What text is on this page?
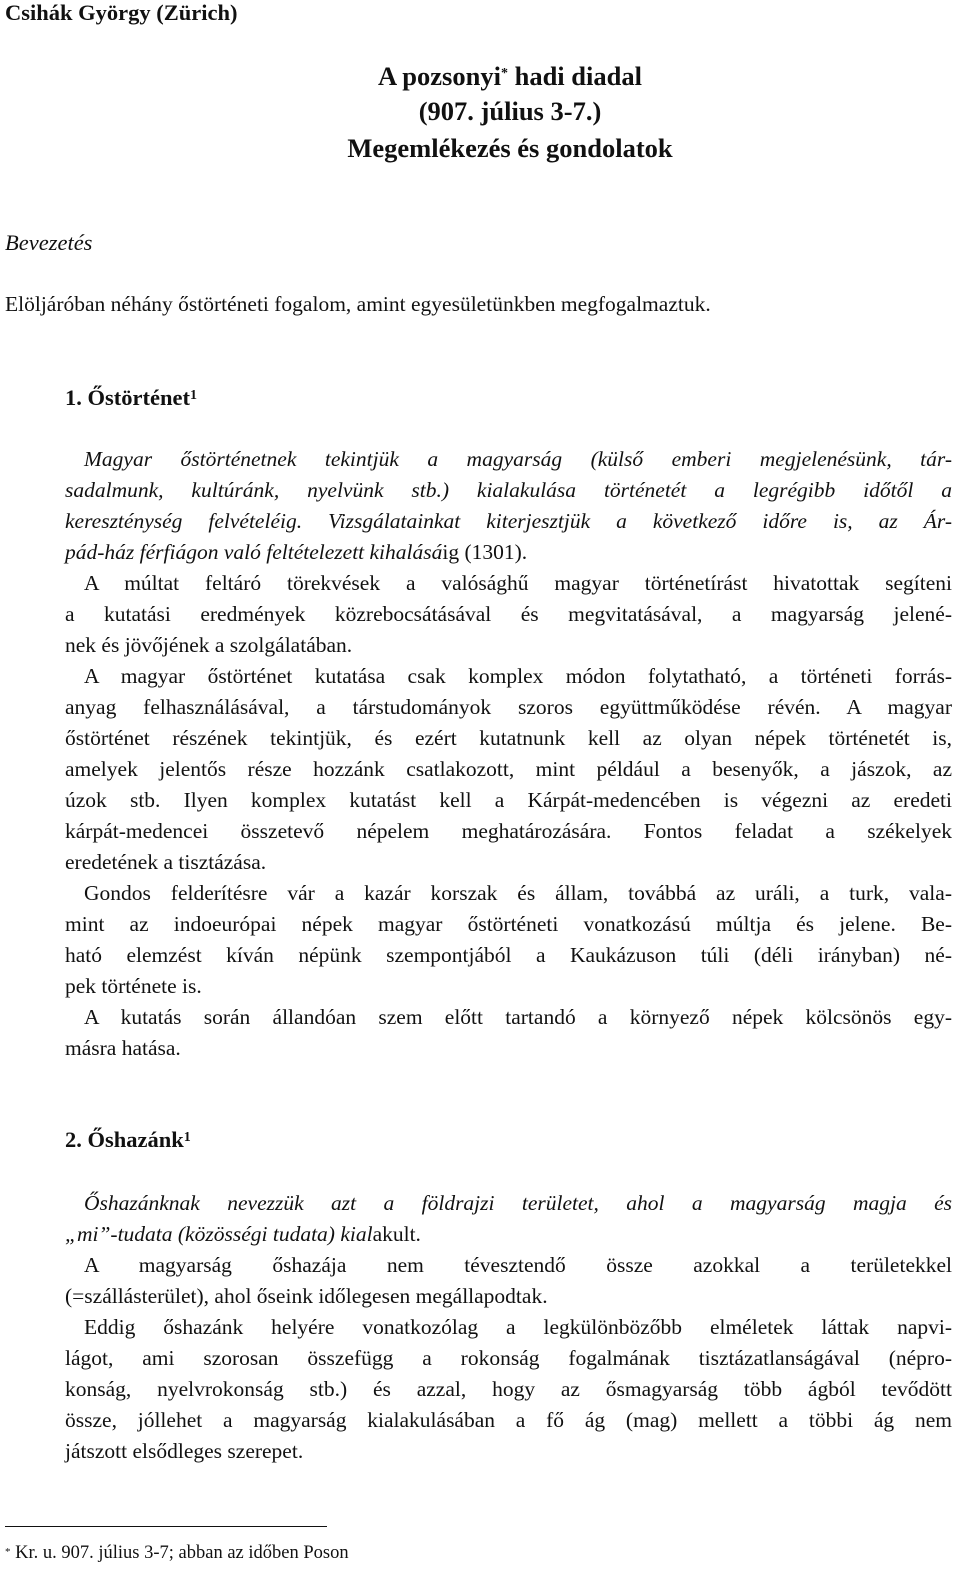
Csihák György (Zürich)
A pozsonyi* hadi diadal
(907. július 3-7.)
Megemlékezés és gondolatok
Bevezetés
Elöljáróban néhány őstörténeti fogalom, amint egyesületünkben megfogalmaztuk.
1. Őstörténet$^1$
Magyar őstörténetnek tekintjük a magyarság (külső emberi megjelenésünk, tár-
sadalmunk, kultúránk, nyelvünk stb.) kialakulása történetét a legrégibb időtől a
kereszténység felvételéig. Vizsgálatainkat kiterjesztjük a következő időre is, az Ár-
pád-ház férfiágon való feltételezett kihalásáig (1301).
A múltat feltáró törekvések a valósághű magyar történetírást hivatottak segíteni
a kutatási eredmények közrebocsátásával és megvitatásával, a magyarság jelené-
nek és jövőjének a szolgálatában.
A magyar őstörténet kutatása csak komplex módon folytatható, a történeti forrás-
anyag felhasználásával, a társtudományok szoros együttműködése révén. A magyar
őstörténet részének tekintjük, és ezért kutatnunk kell az olyan népek történetét is,
amelyek jelentős része hozzánk csatlakozott, mint például a besenyők, a jászok, az
úzok stb. Ilyen komplex kutatást kell a Kárpát-medencében is végezni az eredeti
kárpát-medencei összetevő népelem meghatározására. Fontos feladat a székelyek
eredetének a tisztázása.
Gondos felderítésre vár a kazár korszak és állam, továbbá az uráli, a turk, vala-
mint az indoeurópai népek magyar őstörténeti vonatkozású múltja és jelene. Be-
ható elemzést kíván népünk szempontjából a Kaukázuson túli (déli irányban) né-
pek története is.
A kutatás során állandóan szem előtt tartandó a környező népek kölcsönös egy-
másra hatása.
2. Őshazánk$^1$
Őshazánknak nevezzük azt a földrajzi területet, ahol a magyarság magja és
„mi”-tudata (közösségi tudata) kialakult.
A magyarság őshazája nem tévesztendő össze azokkal a területekkel
(=szállásterület), ahol őseink időlegesen megállapodtak.
Eddig őshazánk helyére vonatkozólag a legkülönbözőbb elméletek láttak napvi-
lágot, ami szorosan összefügg a rokonság fogalmának tisztázatlanságával (népro-
konság, nyelvrokonság stb.) és azzal, hogy az ősmagyarság több ágból tevődött
össze, jóllehet a magyarság kialakulásában a fő ág (mag) mellett a többi ág nem
játszott elsődleges szerepet.
* Kr. u. 907. július 3-7; abban az időben Poson
